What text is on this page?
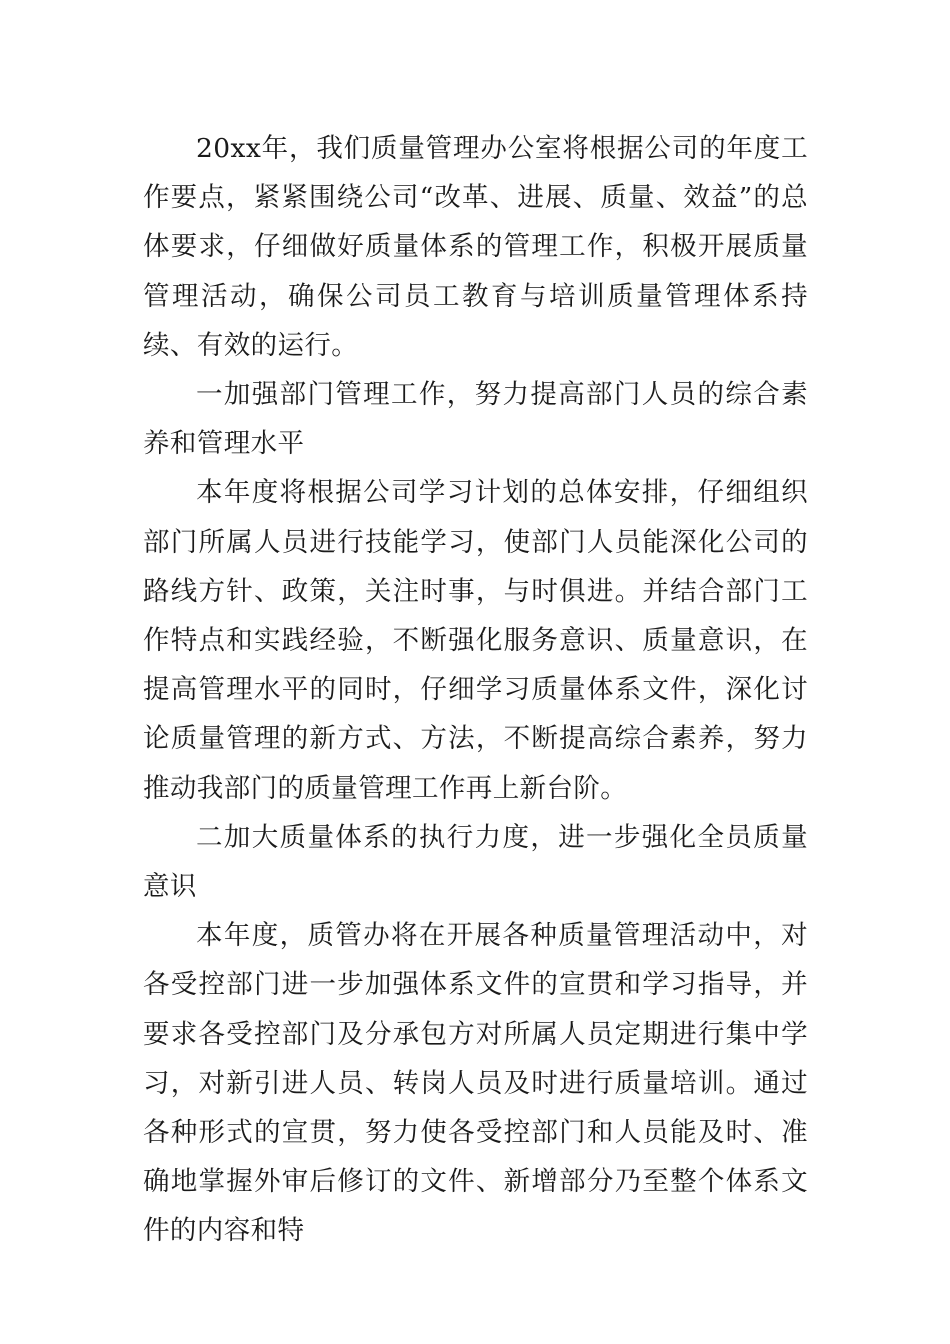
20xx年，我们质量管理办公室将根据公司的年度工作要点，紧紧围绕公司“改革、进展、质量、效益”的总体要求，仔细做好质量体系的管理工作，积极开展质量管理活动，确保公司员工教育与培训质量管理体系持续、有效的运行。

一加强部门管理工作，努力提高部门人员的综合素养和管理水平

本年度将根据公司学习计划的总体安排，仔细组织部门所属人员进行技能学习，使部门人员能深化公司的路线方针、政策，关注时事，与时俱进。并结合部门工作特点和实践经验，不断强化服务意识、质量意识，在提高管理水平的同时，仔细学习质量体系文件，深化讨论质量管理的新方式、方法，不断提高综合素养，努力推动我部门的质量管理工作再上新台阶。

二加大质量体系的执行力度，进一步强化全员质量意识

本年度，质管办将在开展各种质量管理活动中，对各受控部门进一步加强体系文件的宣贯和学习指导，并要求各受控部门及分承包方对所属人员定期进行集中学习，对新引进人员、转岗人员及时进行质量培训。通过各种形式的宣贯，努力使各受控部门和人员能及时、准确地掌握外审后修订的文件、新增部分乃至整个体系文件的内容和特
